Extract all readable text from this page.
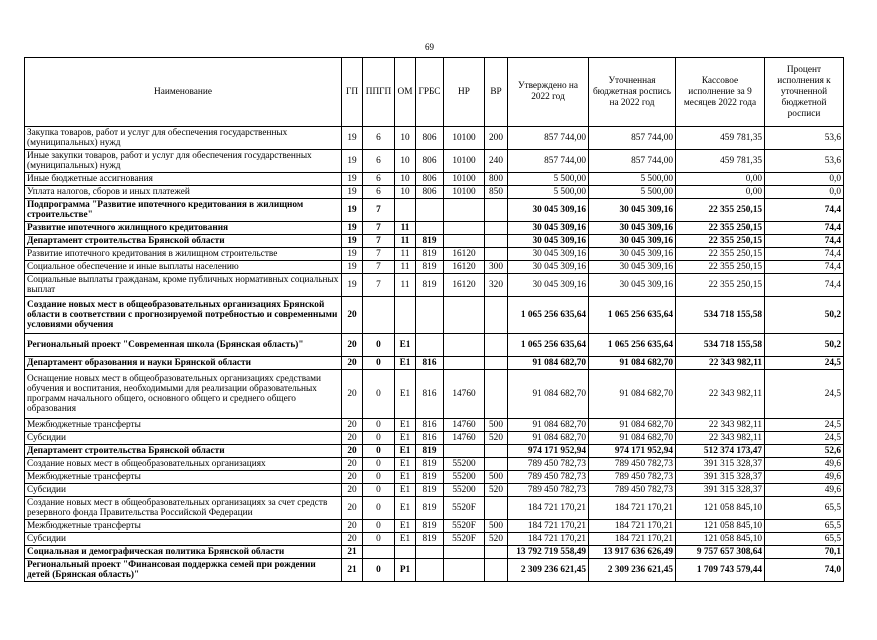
69
Наименование	ГП	ППГП	ОМ	ГРБС	НР	ВР	Утверждено на 2022 год	Уточненная бюджетная роспись на 2022 год	Кассовое исполнение за 9 месяцев 2022 года	Процент исполнения к уточненной бюджетной росписи
Закупка товаров, работ и услуг для обеспечения государственных (муниципальных) нужд	19	6	10	806	10100	200	857 744,00	857 744,00	459 781,35	53,6
Иные закупки товаров, работ и услуг для обеспечения государственных (муниципальных) нужд	19	6	10	806	10100	240	857 744,00	857 744,00	459 781,35	53,6
Иные бюджетные ассигнования	19	6	10	806	10100	800	5 500,00	5 500,00	0,00	0,0
Уплата налогов, сборов и иных платежей	19	6	10	806	10100	850	5 500,00	5 500,00	0,00	0,0
Подпрограмма "Развитие ипотечного кредитования в жилищном строительстве"	19	7					30 045 309,16	30 045 309,16	22 355 250,15	74,4
Развитие ипотечного жилищного кредитования	19	7	11				30 045 309,16	30 045 309,16	22 355 250,15	74,4
Департамент строительства Брянской области	19	7	11	819			30 045 309,16	30 045 309,16	22 355 250,15	74,4
Развитие ипотечного кредитования в жилищном строительстве	19	7	11	819	16120		30 045 309,16	30 045 309,16	22 355 250,15	74,4
Социальное обеспечение и иные выплаты населению	19	7	11	819	16120	300	30 045 309,16	30 045 309,16	22 355 250,15	74,4
Социальные выплаты гражданам, кроме публичных нормативных социальных выплат	19	7	11	819	16120	320	30 045 309,16	30 045 309,16	22 355 250,15	74,4
Создание новых мест в общеобразовательных организациях Брянской области в соответствии с прогнозируемой потребностью и современными условиями обучения	20						1 065 256 635,64	1 065 256 635,64	534 718 155,58	50,2
Региональный проект "Современная школа (Брянская область)"	20	0	E1				1 065 256 635,64	1 065 256 635,64	534 718 155,58	50,2
Департамент образования и науки Брянской области	20	0	E1	816			91 084 682,70	91 084 682,70	22 343 982,11	24,5
Оснащение новых мест в общеобразовательных организациях средствами обучения и воспитания, необходимыми для реализации образовательных программ начального общего, основного общего и среднего общего образования	20	0	E1	816	14760		91 084 682,70	91 084 682,70	22 343 982,11	24,5
Межбюджетные трансферты	20	0	E1	816	14760	500	91 084 682,70	91 084 682,70	22 343 982,11	24,5
Субсидии	20	0	E1	816	14760	520	91 084 682,70	91 084 682,70	22 343 982,11	24,5
Департамент строительства Брянской области	20	0	E1	819			974 171 952,94	974 171 952,94	512 374 173,47	52,6
Создание новых мест в общеобразовательных организациях	20	0	E1	819	55200		789 450 782,73	789 450 782,73	391 315 328,37	49,6
Межбюджетные трансферты	20	0	E1	819	55200	500	789 450 782,73	789 450 782,73	391 315 328,37	49,6
Субсидии	20	0	E1	819	55200	520	789 450 782,73	789 450 782,73	391 315 328,37	49,6
Создание новых мест в общеобразовательных организациях за счет средств резервного фонда Правительства Российской Федерации	20	0	E1	819	5520F		184 721 170,21	184 721 170,21	121 058 845,10	65,5
Межбюджетные трансферты	20	0	E1	819	5520F	500	184 721 170,21	184 721 170,21	121 058 845,10	65,5
Субсидии	20	0	E1	819	5520F	520	184 721 170,21	184 721 170,21	121 058 845,10	65,5
Социальная и демографическая политика Брянской области	21						13 792 719 558,49	13 917 636 626,49	9 757 657 308,64	70,1
Региональный проект "Финансовая поддержка семей при рождении детей (Брянская область)"	21	0	P1				2 309 236 621,45	2 309 236 621,45	1 709 743 579,44	74,0
